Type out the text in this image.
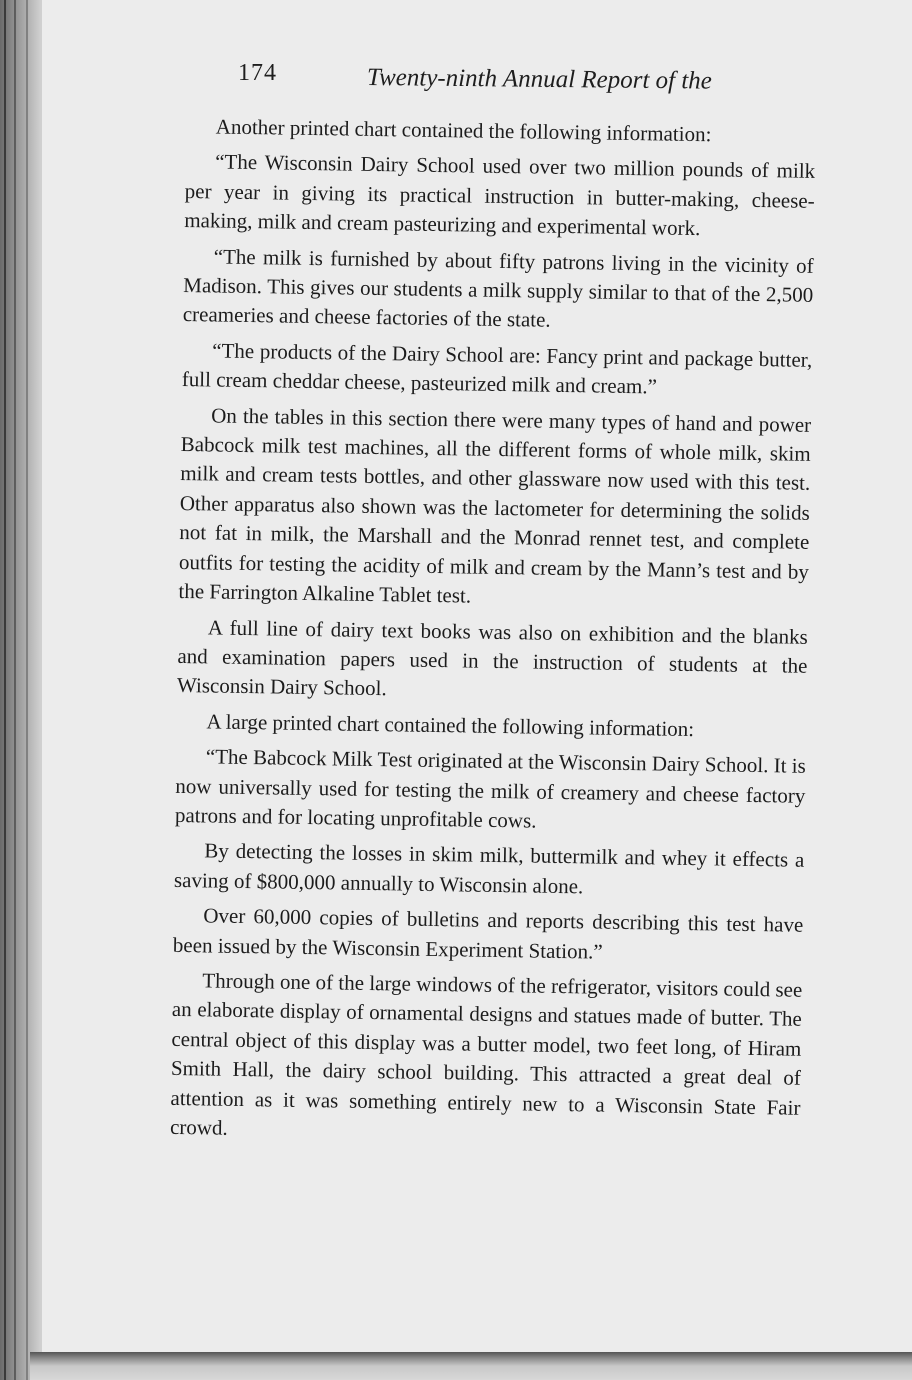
174	Twenty-ninth Annual Report of the

Another printed chart contained the following information:

“The Wisconsin Dairy School used over two million pounds of milk per year in giving its practical instruction in butter-making, cheese-making, milk and cream pasteurizing and experimental work.

“The milk is furnished by about fifty patrons living in the vicinity of Madison. This gives our students a milk supply similar to that of the 2,500 creameries and cheese factories of the state.

“The products of the Dairy School are: Fancy print and package butter, full cream cheddar cheese, pasteurized milk and cream.”

On the tables in this section there were many types of hand and power Babcock milk test machines, all the different forms of whole milk, skim milk and cream tests bottles, and other glassware now used with this test. Other apparatus also shown was the lactometer for determining the solids not fat in milk, the Marshall and the Monrad rennet test, and complete outfits for testing the acidity of milk and cream by the Mann’s test and by the Farrington Alkaline Tablet test.

A full line of dairy text books was also on exhibition and the blanks and examination papers used in the instruction of students at the Wisconsin Dairy School.

A large printed chart contained the following information:

“The Babcock Milk Test originated at the Wisconsin Dairy School. It is now universally used for testing the milk of creamery and cheese factory patrons and for locating unprofitable cows.

By detecting the losses in skim milk, buttermilk and whey it effects a saving of $800,000 annually to Wisconsin alone.

Over 60,000 copies of bulletins and reports describing this test have been issued by the Wisconsin Experiment Station.”

Through one of the large windows of the refrigerator, visitors could see an elaborate display of ornamental designs and statues made of butter. The central object of this display was a butter model, two feet long, of Hiram Smith Hall, the dairy school building. This attracted a great deal of attention as it was something entirely new to a Wisconsin State Fair crowd.
